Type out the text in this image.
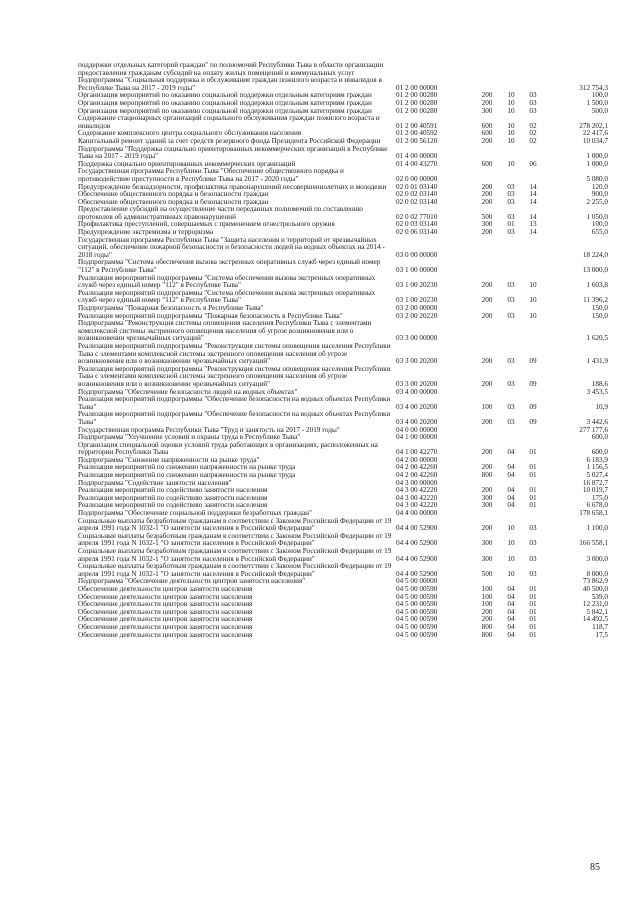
поддержки отдельных категорий граждан" по полномочий Республики Тыва в области организации предоставления гражданам субсидий на оплату жилых помещений и коммунальных услуг					
Подпрограмма "Социальная поддержка и обслуживание граждан пожилого возраста и инвалидов в Республике Тыва на 2017 - 2019 годы"	01 2 00 00000				312 754,3
Организация мероприятий по оказанию социальной поддержки отдельным категориям граждан	01 2 00 00280	200	10	03	100,0
Организация мероприятий по оказанию социальной поддержки отдельным категориям граждан	01 2 00 00280	200	10	03	1 500,0
Организация мероприятий по оказанию социальной поддержки отдельным категориям граждан	01 2 00 00280	300	10	03	500,0
Содержание стационарных организаций социального обслуживания граждан пожилого возраста и инвалидов	01 2 00 40591	600	10	02	278 202,1
Содержание комплексного центра социального обслуживания населения	01 2 00 40592	600	10	02	22 417,6
Капитальный ремонт зданий за счет средств резервного фонда Президента Российской Федерации	01 2 00 56120	200	10	02	10 034,7
Подпрограмма "Поддержка социально ориентированных некоммерческих организаций в Республике Тыва на 2017 - 2019 годы"	01 4 00 00000				1 000,0
Поддержка социально ориентированных некоммерческих организаций	01 4 00 43270	600	10	06	1 000,0
Государственная программа Республики Тыва "Обеспечение общественного порядка и противодействие преступности в Республике Тыва на 2017 - 2020 годы"	02 0 00 00000				5 080,0
Предупреждение безнадзорности, профилактика правонарушений несовершеннолетних и молодежи	02 0 01 03140	200	03	14	120,0
Обеспечение общественного порядка и безопасности граждан	02 0 02 03140	200	03	14	900,0
Обеспечение общественного порядка и безопасности граждан	02 0 02 03140	200	03	14	2 255,0
Предоставление субсидий на осуществление части переданных полномочий по составлению протоколов об административных правонарушений	02 0 02 77010	500	03	14	1 050,0
Профилактика преступлений, совершаемых с применением огнестрельного оружия	02 0 03 03140	300	01	13	100,0
Предупреждение экстремизма и терроризма	02 0 06 03140	200	03	14	655,0
Государственная программа Республики Тыва "Защита населения и территорий от чрезвычайных ситуаций, обеспечение пожарной безопасности и безопасности людей на водных объектах на 2014 - 2018 годы"	03 0 00 00000				18 224,0
Подпрограмма "Система обеспечения вызова экстренных оперативных служб через единый номер "112" в Республике Тыва"	03 1 00 00000				13 000,0
Реализация мероприятий подпрограммы "Система обеспечения вызова экстренных оперативных служб через единый номер "112" в Республике Тыва"	03 1 00 20230	200	03	10	1 603,8
Реализация мероприятий подпрограммы "Система обеспечения вызова экстренных оперативных служб через единый номер "112" в Республике Тыва"	03 1 00 20230	200	03	10	11 396,2
Подпрограмма "Пожарная безопасность в Республике Тыва"	03 2 00 00000				150,0
Реализация мероприятий подпрограммы "Пожарная безопасность в Республике Тыва"	03 2 00 20220	200	03	10	150,0
Подпрограмма "Реконструкция системы оповещения населения Республики Тыва с элементами комплексной системы экстренного оповещения населения об угрозе возникновения или о возникновении чрезвычайных ситуаций"	03 3 00 00000				1 620,5
Реализация мероприятий подпрограммы "Реконструкция системы оповещения населения Республики Тыва с элементами комплексной системы экстренного оповещения населения об угрозе возникновения или о возникновении чрезвычайных ситуаций"	03 3 00 20200	200	03	09	1 431,9
Реализация мероприятий подпрограммы "Реконструкция системы оповещения населения Республики Тыва с элементами комплексной системы экстренного оповещения населения об угрозе возникновения или о возникновении чрезвычайных ситуаций"	03 3 00 20200	200	03	09	188,6
Подпрограмма "Обеспечение безопасности людей на водных объектах"	03 4 00 00000				3 453,5
Реализация мероприятий подпрограммы "Обеспечение безопасности на водных объектах Республики Тыва"	03 4 00 20200	100	03	09	10,9
Реализация мероприятий подпрограммы "Обеспечение безопасности на водных объектах Республики Тыва"	03 4 00 20200	200	03	09	3 442,6
Государственная программа Республики Тыва "Труд и занятость на 2017 - 2019 годы"	04 0 00 00000				277 177,6
Подпрограмма "Улучшение условий и охраны труда в Республике Тыва"	04 1 00 00000				600,0
Организация специальной оценки условий труда работающих в организациях, расположенных на территории Республики Тыва	04 1 00 42270	200	04	01	600,0
Подпрограмма "Снижение напряженности на рынке труда"	04 2 00 00000				6 183,9
Реализация мероприятий по снижению напряженности на рынке труда	04 2 00 42260	200	04	01	1 156,5
Реализация мероприятий по снижению напряженности на рынке труда	04 2 00 42260	800	04	01	5 027,4
Подпрограмма "Содействие занятости населения"	04 3 00 00000				16 872,7
Реализация мероприятий по содействию занятости населения	04 3 00 42220	200	04	01	10 019,7
Реализация мероприятий по содействию занятости населения	04 3 00 42220	300	04	01	175,0
Реализация мероприятий по содействию занятости населения	04 3 00 42220	300	04	01	6 678,0
Подпрограмма "Обеспечение социальной поддержки безработных граждан"	04 4 00 00000				178 658,1
Социальные выплаты безработным гражданам в соответствии с Законом Российской Федерации от 19 апреля 1991 года N 1032-1 "О занятости населения в Российской Федерации"	04 4 00 52900	200	10	03	1 100,0
Социальные выплаты безработным гражданам в соответствии с Законом Российской Федерации от 19 апреля 1991 года N 1032-1 "О занятости населения в Российской Федерации"	04 4 00 52900	300	10	03	166 558,1
Социальные выплаты безработным гражданам в соответствии с Законом Российской Федерации от 19 апреля 1991 года N 1032-1 "О занятости населения в Российской Федерации"	04 4 00 52900	300	10	03	3 000,0
Социальные выплаты безработным гражданам в соответствии с Законом Российской Федерации от 19 апреля 1991 года N 1032-1 "О занятости населения в Российской Федерации"	04 4 00 52900	500	10	03	8 000,0
Подпрограмма "Обеспечение деятельности центров занятости населения"	04 5 00 00000				73 862,9
Обеспечение деятельности центров занятости населения	04 5 00 00590	100	04	01	40 500,0
Обеспечение деятельности центров занятости населения	04 5 00 00590	100	04	01	539,0
Обеспечение деятельности центров занятости населения	04 5 00 00590	100	04	01	12 231,0
Обеспечение деятельности центров занятости населения	04 5 00 00590	200	04	01	5 842,1
Обеспечение деятельности центров занятости населения	04 5 00 00590	200	04	01	14 492,5
Обеспечение деятельности центров занятости населения	04 5 00 00590	800	04	01	118,7
Обеспечение деятельности центров занятости населения	04 5 00 00590	800	04	01	17,5
85
